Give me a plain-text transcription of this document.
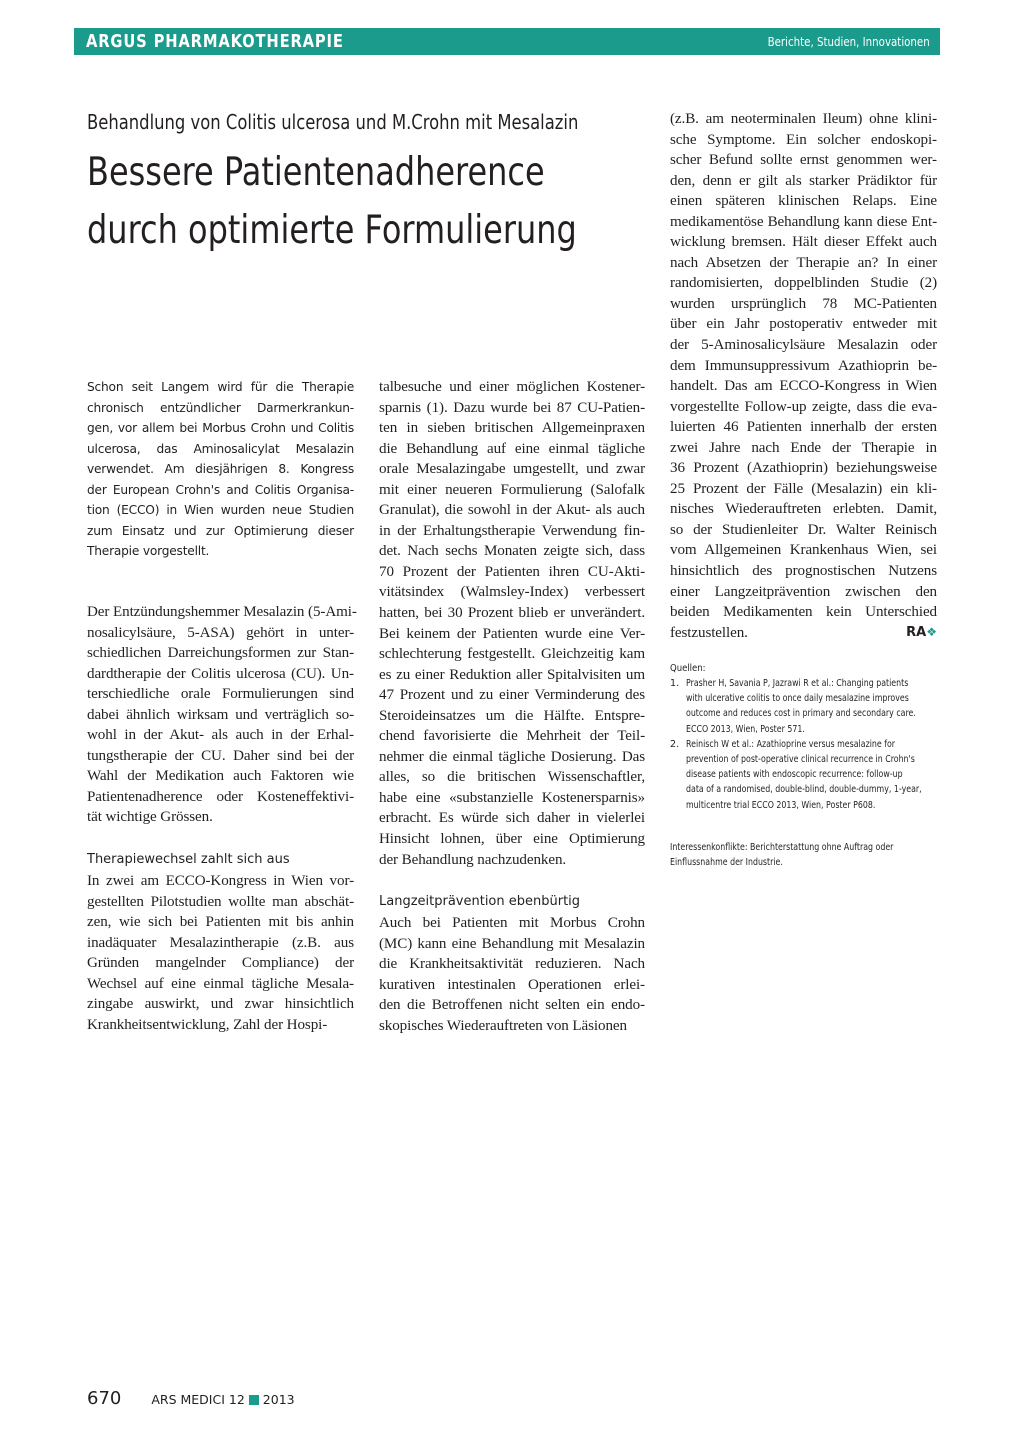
ARGUS PHARMAKOTHERAPIE	Berichte, Studien, Innovationen
Behandlung von Colitis ulcerosa und M.Crohn mit Mesalazin
Bessere Patientenadherence
durch optimierte Formulierung

Schon seit Langem wird für die Therapie

chronisch entzündlicher Darmerkrankun-

gen, vor allem bei Morbus Crohn und Colitis

ulcerosa, das Aminosalicylat Mesalazin

verwendet. Am diesjährigen 8. Kongress

der European Crohn's and Colitis Organisa-

tion (ECCO) in Wien wurden neue Studien

zum Einsatz und zur Optimierung dieser

Therapie vorgestellt.

Der Entzündungshemmer Mesalazin (5-Ami-

nosalicylsäure, 5-ASA) gehört in unter-

schiedlichen Darreichungsformen zur Stan-

dardtherapie der Colitis ulcerosa (CU). Un-

terschiedliche orale Formulierungen sind

dabei ähnlich wirksam und verträglich so-

wohl in der Akut- als auch in der Erhal-

tungstherapie der CU. Daher sind bei der

Wahl der Medikation auch Faktoren wie

Patientenadherence oder Kosteneffektivi-

tät wichtige Grössen.

Therapiewechsel zahlt sich aus

In zwei am ECCO-Kongress in Wien vor-

gestellten Pilotstudien wollte man abschät-

zen, wie sich bei Patienten mit bis anhin

inadäquater Mesalazintherapie (z.B. aus

Gründen mangelnder Compliance) der

Wechsel auf eine einmal tägliche Mesala-

zingabe auswirkt, und zwar hinsichtlich

Krankheitsentwicklung, Zahl der Hospi-

talbesuche und einer möglichen Kostener-

sparnis (1). Dazu wurde bei 87 CU-Patien-

ten in sieben britischen Allgemeinpraxen

die Behandlung auf eine einmal tägliche

orale Mesalazingabe umgestellt, und zwar

mit einer neueren Formulierung (Salofalk

Granulat), die sowohl in der Akut- als auch

in der Erhaltungstherapie Verwendung fin-

det. Nach sechs Monaten zeigte sich, dass

70 Prozent der Patienten ihren CU-Akti-

vitätsindex (Walmsley-Index) verbessert

hatten, bei 30 Prozent blieb er unverändert.

Bei keinem der Patienten wurde eine Ver-

schlechterung festgestellt. Gleichzeitig kam

es zu einer Reduktion aller Spitalvisiten um

47 Prozent und zu einer Verminderung des

Steroideinsatzes um die Hälfte. Entspre-

chend favorisierte die Mehrheit der Teil-

nehmer die einmal tägliche Dosierung. Das

alles, so die britischen Wissenschaftler,

habe eine «substanzielle Kostenersparnis»

erbracht. Es würde sich daher in vielerlei

Hinsicht lohnen, über eine Optimierung

der Behandlung nachzudenken.

Langzeitprävention ebenbürtig

Auch bei Patienten mit Morbus Crohn

(MC) kann eine Behandlung mit Mesalazin

die Krankheitsaktivität reduzieren. Nach

kurativen intestinalen Operationen erlei-

den die Betroffenen nicht selten ein endo-

skopisches Wiederauftreten von Läsionen

(z.B. am neoterminalen Ileum) ohne klini-

sche Symptome. Ein solcher endoskopi-

scher Befund sollte ernst genommen wer-

den, denn er gilt als starker Prädiktor für

einen späteren klinischen Relaps. Eine

medikamentöse Behandlung kann diese Ent-

wicklung bremsen. Hält dieser Effekt auch

nach Absetzen der Therapie an? In einer

randomisierten, doppelblinden Studie (2)

wurden ursprünglich 78 MC-Patienten

über ein Jahr postoperativ entweder mit

der 5-Aminosalicylsäure Mesalazin oder

dem Immunsuppressivum Azathioprin be-

handelt. Das am ECCO-Kongress in Wien

vorgestellte Follow-up zeigte, dass die eva-

luierten 46 Patienten innerhalb der ersten

zwei Jahre nach Ende der Therapie in

36 Prozent (Azathioprin) beziehungsweise

25 Prozent der Fälle (Mesalazin) ein kli-

nisches Wiederauftreten erlebten. Damit,

so der Studienleiter Dr. Walter Reinisch

vom Allgemeinen Krankenhaus Wien, sei

hinsichtlich des prognostischen Nutzens

einer Langzeitprävention zwischen den

beiden Medikamenten kein Unterschied

festzustellen.	RA❖
Quellen:
1. Prasher H, Savania P, Jazrawi R et al.: Changing patients
with ulcerative colitis to once daily mesalazine improves
outcome and reduces cost in primary and secondary care.
ECCO 2013, Wien, Poster 571.
2. Reinisch W et al.: Azathioprine versus mesalazine for
prevention of post-operative clinical recurrence in Crohn's
disease patients with endoscopic recurrence: follow-up
data of a randomised, double-blind, double-dummy, 1-year,
multicentre trial ECCO 2013, Wien, Poster P608.
Interessenkonflikte: Berichterstattung ohne Auftrag oder
Einflussnahme der Industrie.
670 ARS MEDICI 12 2013
